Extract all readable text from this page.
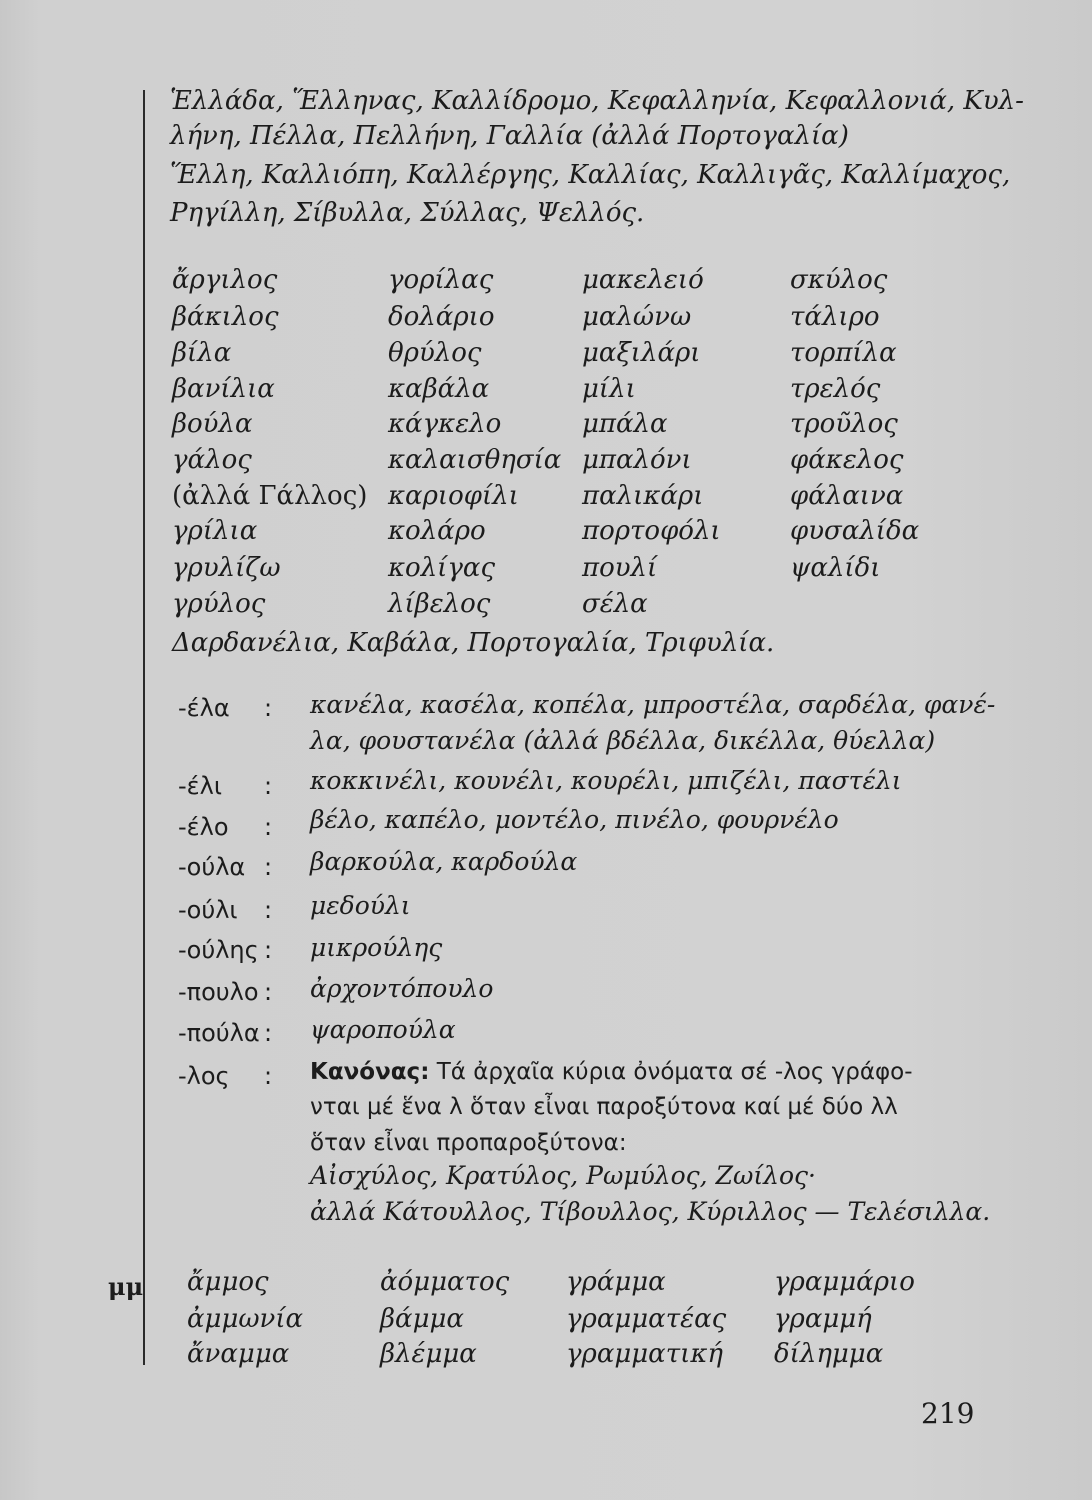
Ἑλλάδα, Ἕλληνας, Καλλίδρομο, Κεφαλληνία, Κεφαλλονιά, Κυλ-
λήνη, Πέλλα, Πελλήνη, Γαλλία (ἀλλά Πορτογαλία)
Ἕλλη, Καλλιόπη, Καλλέργης, Καλλίας, Καλλιγᾶς, Καλλίμαχος,
Ρηγίλλη, Σίβυλλα, Σύλλας, Ψελλός.
ἄργιλος
βάκιλος
βίλα
βανίλια
βούλα
γάλος
(ἀλλά Γάλλος)
γρίλια
γρυλίζω
γρύλος
γορίλας
δολάριο
θρύλος
καβάλα
κάγκελο
καλαισθησία
καριοφίλι
κολάρο
κολίγας
λίβελος
μακελειό
μαλώνω
μαξιλάρι
μίλι
μπάλα
μπαλόνι
παλικάρι
πορτοφόλι
πουλί
σέλα
σκύλος
τάλιρο
τορπίλα
τρελός
τροῦλος
φάκελος
φάλαινα
φυσαλίδα
ψαλίδι
Δαρδανέλια, Καβάλα, Πορτογαλία, Τριφυλία.
-έλα : κανέλα, κασέλα, κοπέλα, μπροστέλα, σαρδέλα, φανέ-
λα, φουστανέλα (ἀλλά βδέλλα, δικέλλα, θύελλα)
-έλι : κοκκινέλι, κουνέλι, κουρέλι, μπιζέλι, παστέλι
-έλο : βέλο, καπέλο, μοντέλο, πινέλο, φουρνέλο
-ούλα : βαρκούλα, καρδούλα
-ούλι : μεδούλι
-ούλης : μικρούλης
-πουλο : ἀρχοντόπουλο
-πούλα : ψαροπούλα
-λος : Κανόνας: Τά ἀρχαῖα κύρια ὀνόματα σέ -λος γράφο-
νται μέ ἕνα λ ὅταν εἶναι παροξύτονα καί μέ δύο λλ
ὅταν εἶναι προπαροξύτονα:
Αἰσχύλος, Κρατύλος, Ρωμύλος, Ζωίλος·
ἀλλά Κάτουλλος, Τίβουλλος, Κύριλλος — Τελέσιλλα.
μμ ἄμμος
ἀμμωνία
ἄναμμα
ἀόμματος
βάμμα
βλέμμα
γράμμα
γραμματέας
γραμματική
γραμμάριο
γραμμή
δίλημμα
219
